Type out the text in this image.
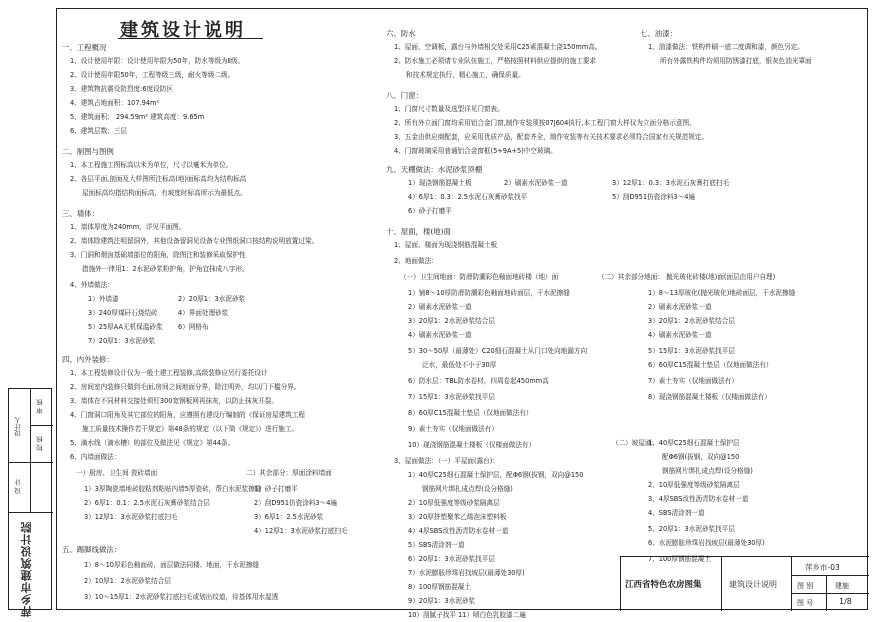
设计人
审 核
校 核
设 计
萍乡市建筑设计院
建筑设计说明
一、工程概况
1、设计使用年限：设计使用年限为50年，防水等级为Ⅱ级。
2、设计使用年限50年，工程等级三级，耐火等级二级。
3、建筑物抗震设防烈度:6度设防区
4、建筑占地面积：107.94m²
5、建筑面积： 294.59m² 建筑高度：9.65m
6、建筑层数：三层
二、制图与图例
1、本工程施工图标高以米为单位，尺寸以毫米为单位。
2、各层平面,剖面及大样图所注标高(地)面标高均为结构标高
屋面标高均指结构面标高，有坡度时标高所示为最低点。
三、墙体：
1、墙体厚度为240mm，详见平面图。
2、墙体除建筑注明留洞外，其他设备留洞见设备专业图纸洞口按结构说明放置过梁。
3、门洞和烟囱基础墙部位的阳角，除图注和装修采取保护性
措施外一律用1：2水泥砂浆粉护角，护角宜抹成八字形。
4、外墙做法：
1）外墙漆	2）20厚1：3水泥砂浆
3）240厚煤矸石烧结砖	4）界面处理砂浆
5）25厚AA无机保温砂浆 6）网格布
7）20厚1：3水泥砂浆
四、内外装修：
1、本工程装修设计仅为一般土建工程装修,高级装修应另行委托设计
2、房间室内装修只做到毛面,房间之间地面分界，除注明外，均以门下槛分界。
3、墙体在不同材料交接处须钉300宽钢板网再抹灰，以防止抹灰开裂。
4、门窗洞口阳角及其它部位的阳角，应遵照有建设厅编制的《保证房屋建筑工程
施工质量技术操作若干规定》第48条的规定（以下简《规定》）进行施工。
5、滴水线（滴水槽）的部位及做法见《规定》第44条。
6、内墙面做法：
一）厨房、卫生间 瓷砖墙面	二）其余部分：厚面涂料墙面
1）3厚陶瓷墙地砖胶粘剂粘贴内墙5厚瓷砖，帮白水泥浆擦缝
1）砂子打磨平
2）6厚1：0.1：2.5水泥石灰膏砂浆结合层	2）刮D951仿瓷涂料3～4遍
3）12厚1：3水泥砂浆打底扫毛	3）6厚1：2.5水泥砂浆
4）12厚1：3水泥砂浆打底扫毛
五、踢脚线做法：
1）8～10厚彩色釉面砖，面层做法同楼、地面，干水泥擦缝
2）10厚1：2水泥砂浆结合层
3）10～15厚1：2水泥砂浆打底扫毛或划出纹道，待基体用水湿透
六、防水
1、屋面，空调板，露台与外墙相交处采用C25素混凝土浇150mm高。
2、防水施工必须请专业队伍施工，严格按照材料供应提供的施工要求
和技术规定执行，精心施工，确保质量。
八、门窗：
1、门窗尺寸数量及选型详见门窗表。
2、所有外立面门窗均采用铝合金门窗,制作安装须按07J604执行,本工程门窗大样仅为立面分格示意图。
3、五金由供应商配套，应采用优质产品，配套齐全，制作安装等有关技术要求必须符合国家有关规范规定。
4、门窗玻璃采用普通铝合金窗框(5+9A+5)中空玻璃。
九、天棚做法：水泥砂浆顶棚
1）现浇钢筋混凝土板	2）刷素水泥砂浆一道	3）12厚1：0.3：3水泥石灰膏打底扫毛
4）6厚1：0.3：2.5水泥石灰膏砂浆找平	5）刮D951仿瓷涂料3～4遍
6）砂子打磨平
十、屋面，楼(地)面
1、屋面、楼面为现浇钢筋混凝土板
2、地面做法：
（一）卫生间地面：防滑防潮彩色釉面地砖楼（地）面	（二）其余部分地面： 抛光玻化砖楼(地)面(面层由用户自理)
1）铺8～10厚防滑防潮彩色釉面地砖面层，干水泥擦缝	1）8～13厚玻化(抛光玻化)地砖面层，干水泥擦缝
2）刷素水泥砂浆一道	2）刷素水泥砂浆一道
3）20厚1：2水泥砂浆结合层	3）20厚1：2水泥砂浆结合层
4）刷素水泥砂浆一道	4）刷素水泥砂浆一道
5）30～50厚（最薄处）C20细石混凝土从门口处向地漏方向	5）15厚1：3水泥砂浆找平层
泛水，最低处不小于30厚	6）60厚C15混凝土垫层（仅地面做法有）
6）防水层：TBL防水卷材，四周卷起450mm高	7）素土夯实（仅地面做法有）
7）15厚1：3水泥砂浆找平层	8）现浇钢筋混凝土楼板（仅楼面做法有）
8）60厚C15混凝土垫层（仅地面做法有）
9）素土夯实（仅地面做法有）
10）现浇钢筋混凝土楼板（仅楼面做法有）
3、屋面做法：（一）平屋面(露台)：
（二）坡屋面：
1、40厚C25细石混凝土保护层
配Φ6钢(拔钢，双向@150
钢筋网片绑扎成点焊(设分格缝)
2、10厚低强度等级砂浆隔离层
3、4厚SBS改性沥青防水卷材一道
4、SBS清涂剂一道
5、20厚1：3水泥砂浆找平层
6、水泥膨胀珍珠岩找坡层(最薄处30厚)
7、100厚钢筋混凝土
1）40厚C25细石混凝土保护层，配Φ6钢(拔钢，双向@150
钢筋网片绑扎成点焊(设分格缝)
2）10厚低强度等级砂浆隔离层
3）20厚挤塑聚苯乙烯泡沫塑料板
4）4厚SBS改性沥青防水卷材一道
5）SBS清涂剂一道
6）20厚1：3水泥砂浆找平层
7）水泥膨胀珍珠岩找坡层(最薄处30厚)
8）100厚钢筋混凝土
9）20厚1：3水泥砂浆
10）刮腻子找平 11）喷白色乳胶漆二遍
七、油漆：
1、油漆做法：铁构件刷一底二度调和漆，颜色另定。
所有外露铁构件均须用防锈漆打底，银灰色油光罩面
江西省特色农房图集	建筑设计说明
萍乡市-03
图 别	建施
图 号	1/8
